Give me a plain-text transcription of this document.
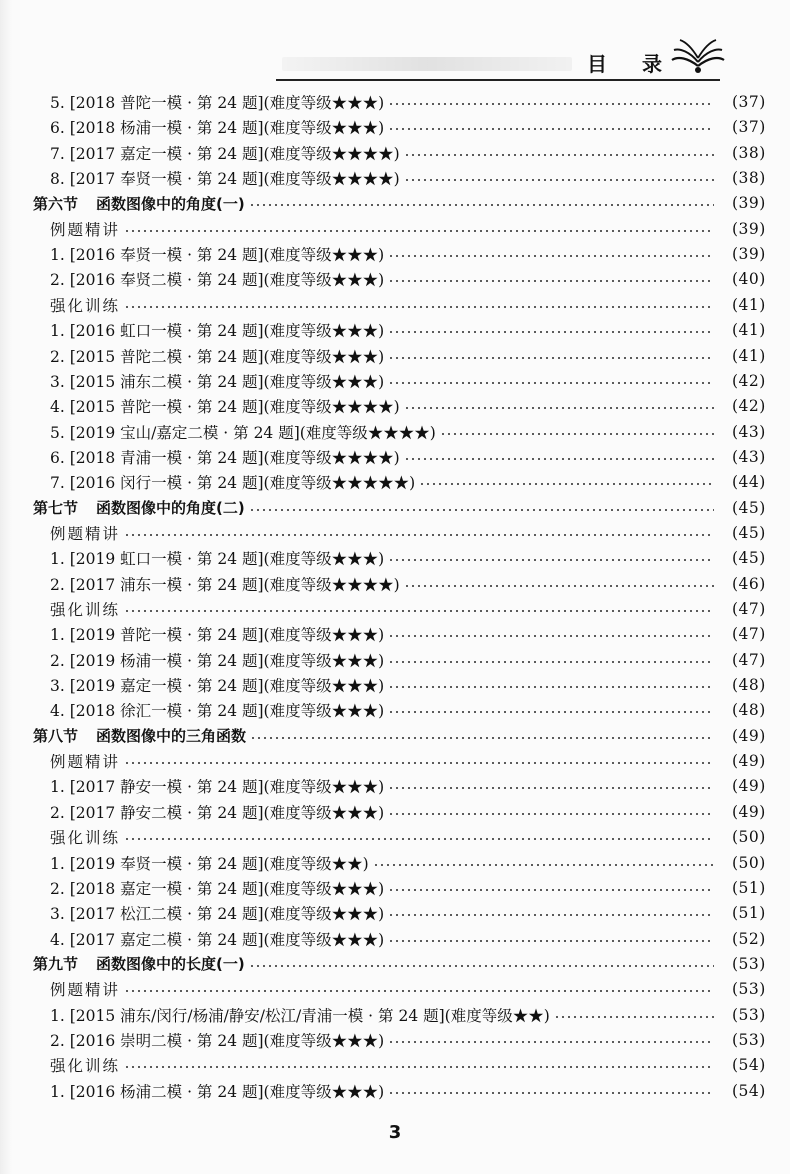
目 录
5. [2018 普陀一模 · 第 24 题](难度等级★★★)	(37)
6. [2018 杨浦一模 · 第 24 题](难度等级★★★)	(37)
7. [2017 嘉定一模 · 第 24 题](难度等级★★★★)	(38)
8. [2017 奉贤一模 · 第 24 题](难度等级★★★★)	(38)
第六节 函数图像中的角度(一)	(39)
例题精讲	(39)
1. [2016 奉贤一模 · 第 24 题](难度等级★★★)	(39)
2. [2016 奉贤二模 · 第 24 题](难度等级★★★)	(40)
强化训练	(41)
1. [2016 虹口一模 · 第 24 题](难度等级★★★)	(41)
2. [2015 普陀二模 · 第 24 题](难度等级★★★)	(41)
3. [2015 浦东二模 · 第 24 题](难度等级★★★)	(42)
4. [2015 普陀一模 · 第 24 题](难度等级★★★★)	(42)
5. [2019 宝山/嘉定二模 · 第 24 题](难度等级★★★★)	(43)
6. [2018 青浦一模 · 第 24 题](难度等级★★★★)	(43)
7. [2016 闵行一模 · 第 24 题](难度等级★★★★★)	(44)
第七节 函数图像中的角度(二)	(45)
例题精讲	(45)
1. [2019 虹口一模 · 第 24 题](难度等级★★★)	(45)
2. [2017 浦东一模 · 第 24 题](难度等级★★★★)	(46)
强化训练	(47)
1. [2019 普陀一模 · 第 24 题](难度等级★★★)	(47)
2. [2019 杨浦一模 · 第 24 题](难度等级★★★)	(47)
3. [2019 嘉定一模 · 第 24 题](难度等级★★★)	(48)
4. [2018 徐汇一模 · 第 24 题](难度等级★★★)	(48)
第八节 函数图像中的三角函数	(49)
例题精讲	(49)
1. [2017 静安一模 · 第 24 题](难度等级★★★)	(49)
2. [2017 静安二模 · 第 24 题](难度等级★★★)	(49)
强化训练	(50)
1. [2019 奉贤一模 · 第 24 题](难度等级★★)	(50)
2. [2018 嘉定一模 · 第 24 题](难度等级★★★)	(51)
3. [2017 松江二模 · 第 24 题](难度等级★★★)	(51)
4. [2017 嘉定二模 · 第 24 题](难度等级★★★)	(52)
第九节 函数图像中的长度(一)	(53)
例题精讲	(53)
1. [2015 浦东/闵行/杨浦/静安/松江/青浦一模 · 第 24 题](难度等级★★)	(53)
2. [2016 崇明二模 · 第 24 题](难度等级★★★)	(53)
强化训练	(54)
1. [2016 杨浦二模 · 第 24 题](难度等级★★★)	(54)
3
